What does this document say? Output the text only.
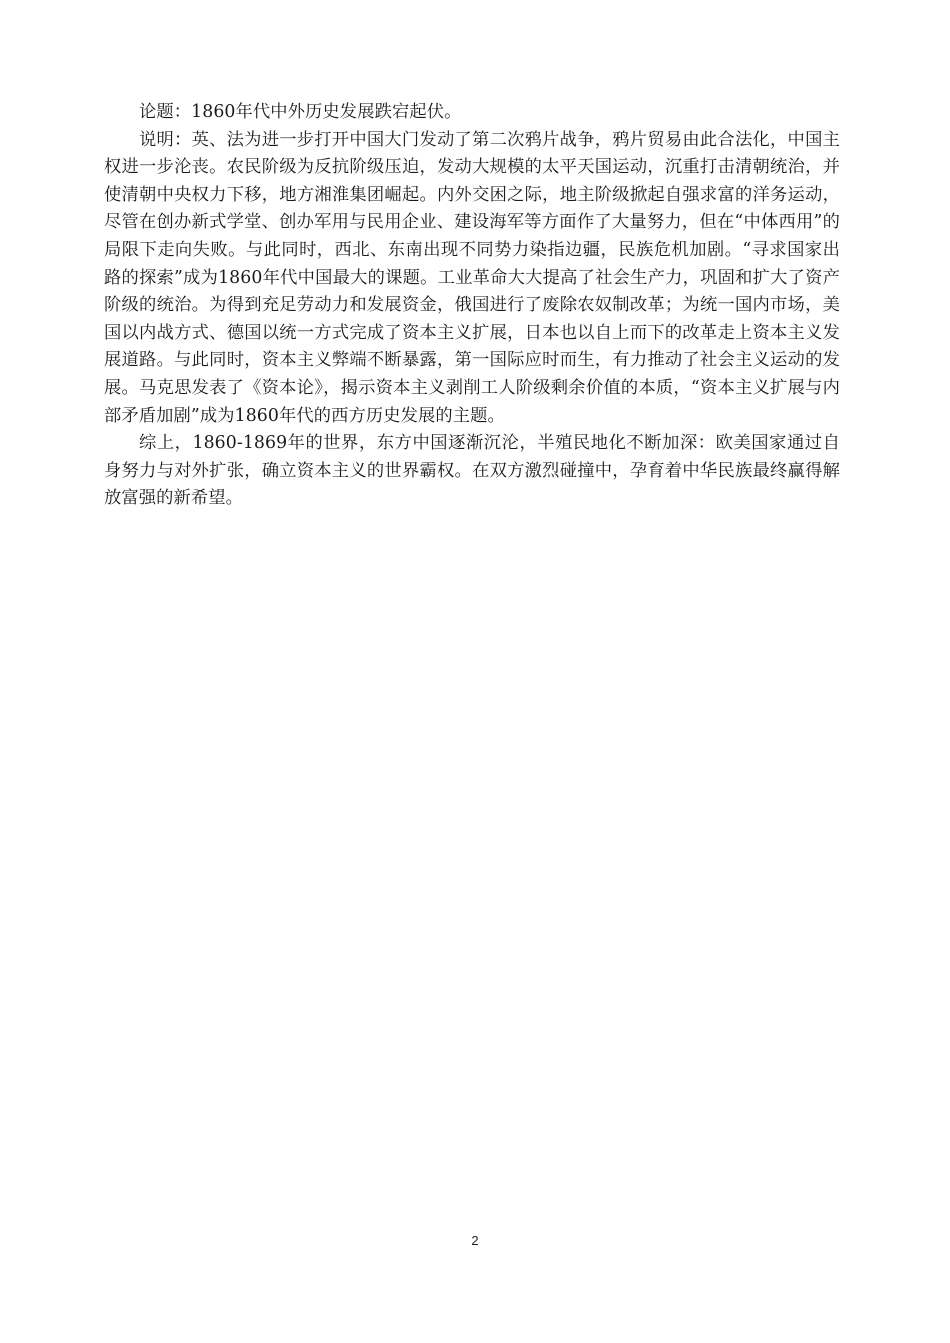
论题：1860年代中外历史发展跌宕起伏。

说明：英、法为进一步打开中国大门发动了第二次鸦片战争，鸦片贸易由此合法化，中国主权进一步沦丧。农民阶级为反抗阶级压迫，发动大规模的太平天国运动，沉重打击清朝统治，并使清朝中央权力下移，地方湘淮集团崛起。内外交困之际，地主阶级掀起自强求富的洋务运动，尽管在创办新式学堂、创办军用与民用企业、建设海军等方面作了大量努力，但在“中体西用”的局限下走向失败。与此同时，西北、东南出现不同势力染指边疆，民族危机加剧。“寻求国家出路的探索”成为1860年代中国最大的课题。工业革命大大提高了社会生产力，巩固和扩大了资产阶级的统治。为得到充足劳动力和发展资金，俄国进行了废除农奴制改革；为统一国内市场，美国以内战方式、德国以统一方式完成了资本主义扩展，日本也以自上而下的改革走上资本主义发展道路。与此同时，资本主义弊端不断暴露，第一国际应时而生，有力推动了社会主义运动的发展。马克思发表了《资本论》，揭示资本主义剥削工人阶级剩余价值的本质，“资本主义扩展与内部矛盾加剧”成为1860年代的西方历史发展的主题。

综上，1860-1869年的世界，东方中国逐渐沉沦，半殖民地化不断加深：欧美国家通过自身努力与对外扩张，确立资本主义的世界霸权。在双方激烈碰撞中，孕育着中华民族最终赢得解放富强的新希望。

2
